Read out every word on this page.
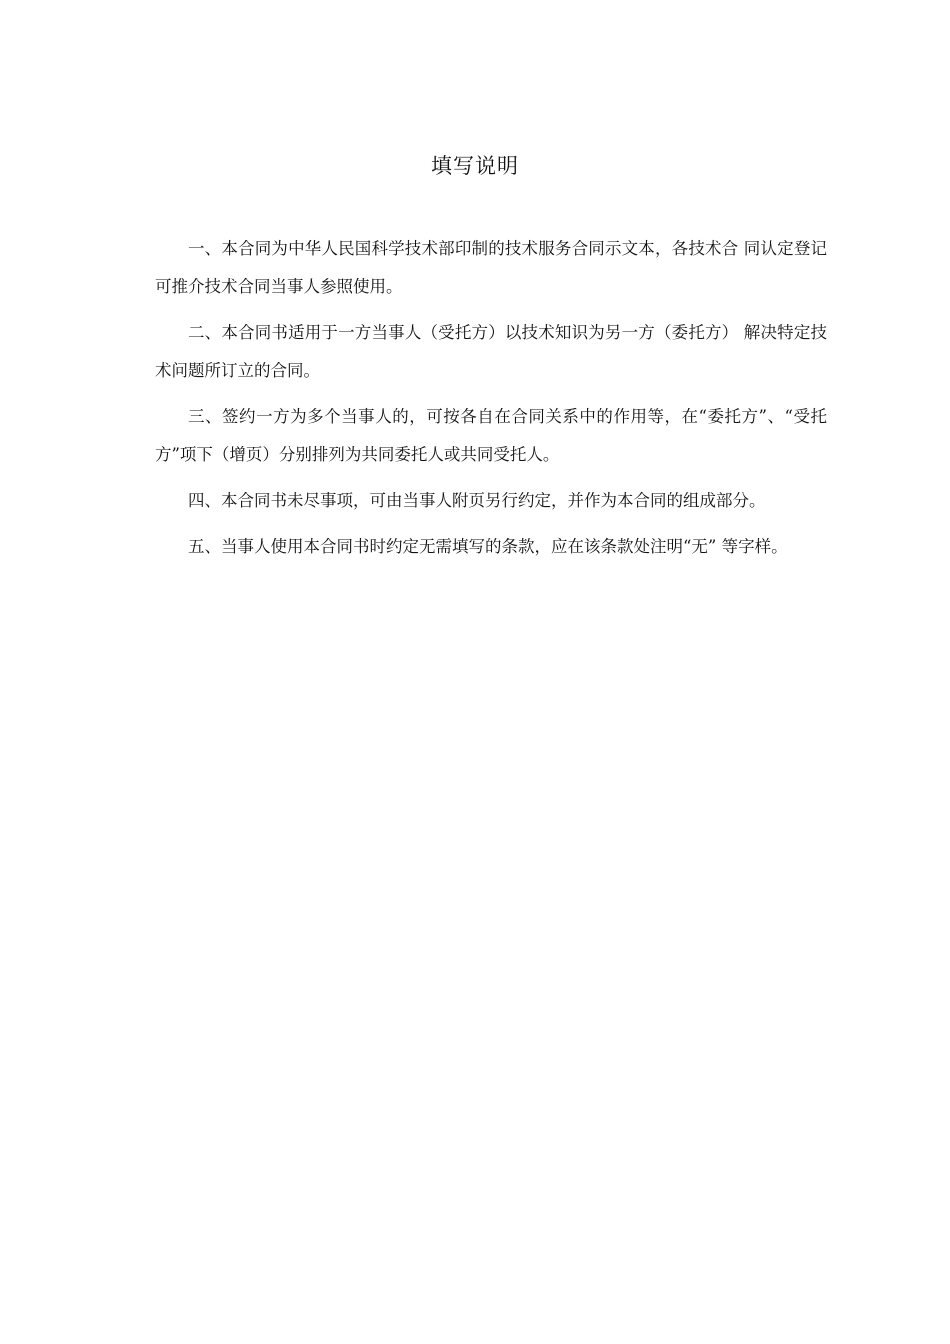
填写说明

一、本合同为中华人民国科学技术部印制的技术服务合同示文本，各技术合 同认定登记可推介技术合同当事人参照使用。

二、本合同书适用于一方当事人（受托方）以技术知识为另一方（委托方） 解决特定技术问题所订立的合同。

三、签约一方为多个当事人的，可按各自在合同关系中的作用等，在“委托方”、“受托方”项下（增页）分别排列为共同委托人或共同受托人。

四、本合同书未尽事项，可由当事人附页另行约定，并作为本合同的组成部分。

五、当事人使用本合同书时约定无需填写的条款，应在该条款处注明“无” 等字样。
